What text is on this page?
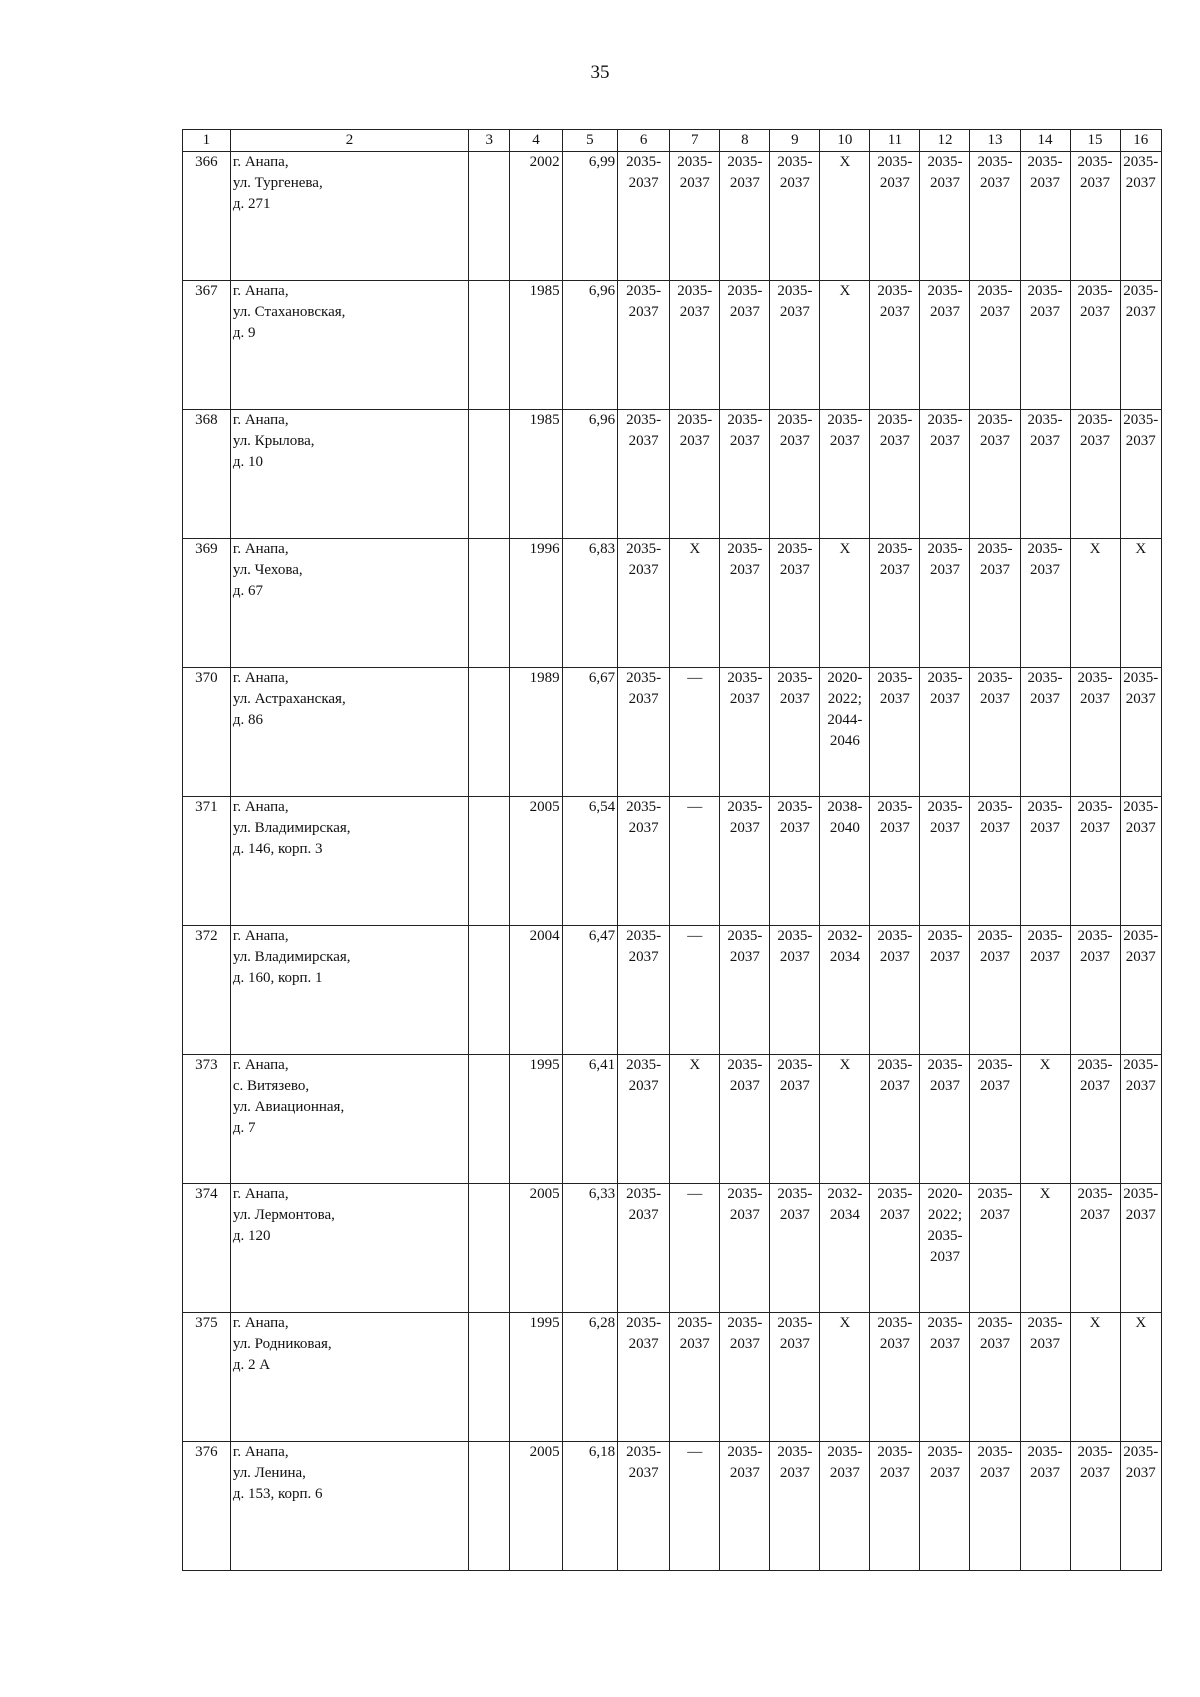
35
1	2	3	4	5	6	7	8	9	10	11	12	13	14	15	16
366	г. Анапа,
ул. Тургенева,
д. 271		2002	6,99	2035-
2037	2035-
2037	2035-
2037	2035-
2037	X	2035-
2037	2035-
2037	2035-
2037	2035-
2037	2035-
2037	2035-
2037

367	г. Анапа,
ул. Стахановская,
д. 9		1985	6,96	2035-
2037	2035-
2037	2035-
2037	2035-
2037	X	2035-
2037	2035-
2037	2035-
2037	2035-
2037	2035-
2037	2035-
2037

368	г. Анапа,
ул. Крылова,
д. 10		1985	6,96	2035-
2037	2035-
2037	2035-
2037	2035-
2037	2035-
2037	2035-
2037	2035-
2037	2035-
2037	2035-
2037	2035-
2037	2035-
2037

369	г. Анапа,
ул. Чехова,
д. 67		1996	6,83	2035-
2037	X	2035-
2037	2035-
2037	X	2035-
2037	2035-
2037	2035-
2037	2035-
2037	X	X

370	г. Анапа,
ул. Астраханская,
д. 86		1989	6,67	2035-
2037	—	2035-
2037	2035-
2037	2020-
2022;
2044-
2046	2035-
2037	2035-
2037	2035-
2037	2035-
2037	2035-
2037	2035-
2037

371	г. Анапа,
ул. Владимирская,
д. 146, корп. 3		2005	6,54	2035-
2037	—	2035-
2037	2035-
2037	2038-
2040	2035-
2037	2035-
2037	2035-
2037	2035-
2037	2035-
2037	2035-
2037

372	г. Анапа,
ул. Владимирская,
д. 160, корп. 1		2004	6,47	2035-
2037	—	2035-
2037	2035-
2037	2032-
2034	2035-
2037	2035-
2037	2035-
2037	2035-
2037	2035-
2037	2035-
2037

373	г. Анапа,
с. Витязево,
ул. Авиационная,
д. 7		1995	6,41	2035-
2037	X	2035-
2037	2035-
2037	X	2035-
2037	2035-
2037	2035-
2037	X	2035-
2037	2035-
2037

374	г. Анапа,
ул. Лермонтова,
д. 120		2005	6,33	2035-
2037	—	2035-
2037	2035-
2037	2032-
2034	2035-
2037	2020-
2022;
2035-
2037	2035-
2037	X	2035-
2037	2035-
2037

375	г. Анапа,
ул. Родниковая,
д. 2 А		1995	6,28	2035-
2037	2035-
2037	2035-
2037	2035-
2037	X	2035-
2037	2035-
2037	2035-
2037	2035-
2037	X	X

376	г. Анапа,
ул. Ленина,
д. 153, корп. 6		2005	6,18	2035-
2037	—	2035-
2037	2035-
2037	2035-
2037	2035-
2037	2035-
2037	2035-
2037	2035-
2037	2035-
2037	2035-
2037
